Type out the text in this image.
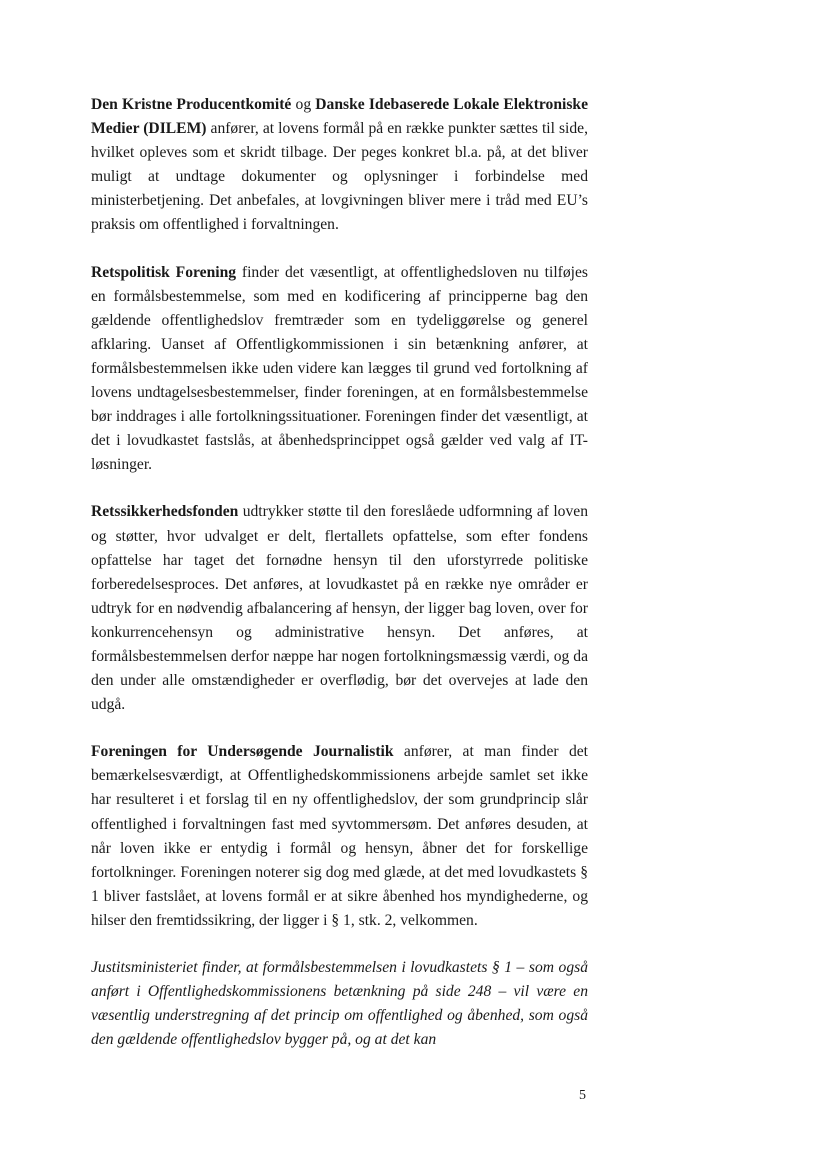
Den Kristne Producentkomité og Danske Idebaserede Lokale Elektroniske Medier (DILEM) anfører, at lovens formål på en række punkter sættes til side, hvilket opleves som et skridt tilbage. Der peges konkret bl.a. på, at det bliver muligt at undtage dokumenter og oplysninger i forbindelse med ministerbetjening. Det anbefales, at lovgivningen bliver mere i tråd med EU’s praksis om offentlighed i forvaltningen.

Retspolitisk Forening finder det væsentligt, at offentlighedsloven nu tilføjes en formålsbestemmelse, som med en kodificering af principperne bag den gældende offentlighedslov fremtræder som en tydeliggørelse og generel afklaring. Uanset af Offentligkommissionen i sin betænkning anfører, at formålsbestemmelsen ikke uden videre kan lægges til grund ved fortolkning af lovens undtagelsesbestemmelser, finder foreningen, at en formålsbestemmelse bør inddrages i alle fortolkningssituationer. Foreningen finder det væsentligt, at det i lovudkastet fastslås, at åbenhedsprincippet også gælder ved valg af IT-løsninger.

Retssikkerhedsfonden udtrykker støtte til den foreslåede udformning af loven og støtter, hvor udvalget er delt, flertallets opfattelse, som efter fondens opfattelse har taget det fornødne hensyn til den uforstyrrede politiske forberedelsesproces. Det anføres, at lovudkastet på en række nye områder er udtryk for en nødvendig afbalancering af hensyn, der ligger bag loven, over for konkurrencehensyn og administrative hensyn. Det anføres, at formålsbestemmelsen derfor næppe har nogen fortolkningsmæssig værdi, og da den under alle omstændigheder er overflødig, bør det overvejes at lade den udgå.

Foreningen for Undersøgende Journalistik anfører, at man finder det bemærkelsesværdigt, at Offentlighedskommissionens arbejde samlet set ikke har resulteret i et forslag til en ny offentlighedslov, der som grundprincip slår offentlighed i forvaltningen fast med syvtommersøm. Det anføres desuden, at når loven ikke er entydig i formål og hensyn, åbner det for forskellige fortolkninger. Foreningen noterer sig dog med glæde, at det med lovudkastets § 1 bliver fastslået, at lovens formål er at sikre åbenhed hos myndighederne, og hilser den fremtidssikring, der ligger i § 1, stk. 2, velkommen.

Justitsministeriet finder, at formålsbestemmelsen i lovudkastets § 1 – som også anført i Offentlighedskommissionens betænkning på side 248 – vil være en væsentlig understregning af det princip om offentlighed og åbenhed, som også den gældende offentlighedslov bygger på, og at det kan

5
